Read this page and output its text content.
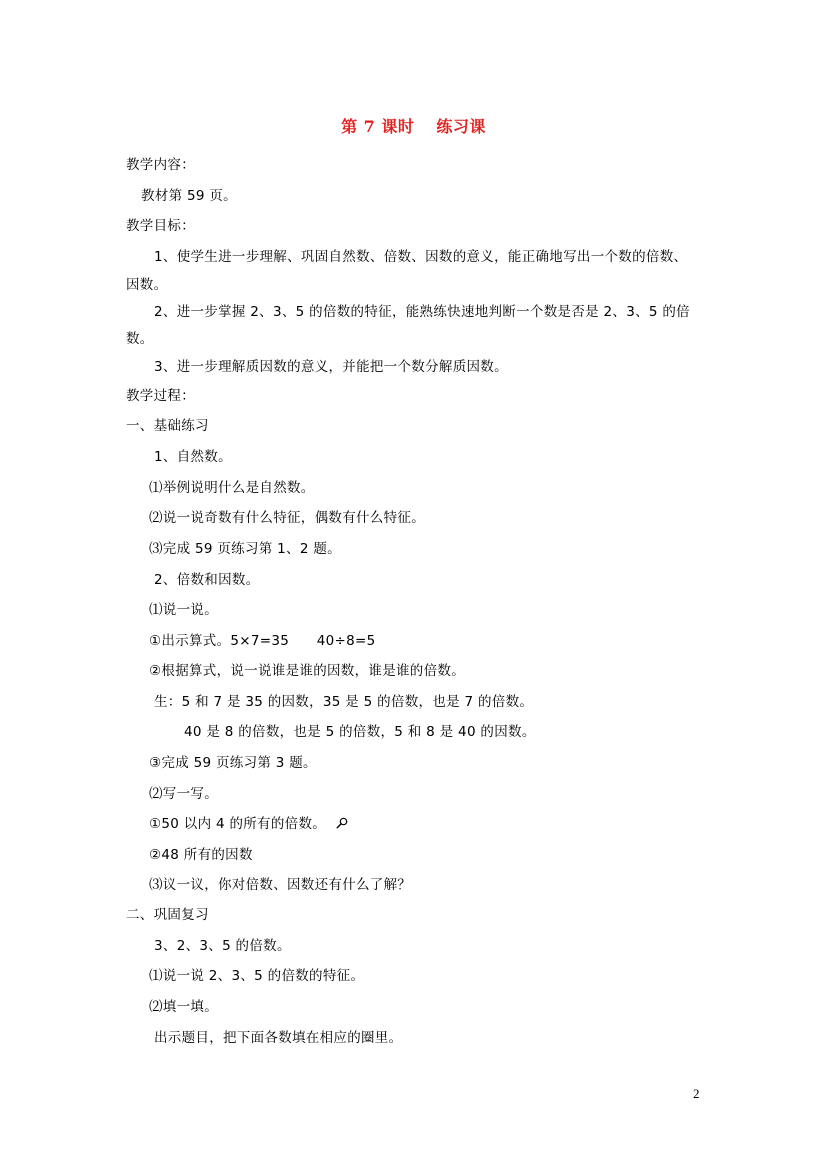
第 7 课时 练习课
教学内容：
教材第 59 页。
教学目标：
1、使学生进一步理解、巩固自然数、倍数、因数的意义，能正确地写出一个数的倍数、
因数。
2、进一步掌握 2、3、5 的倍数的特征，能熟练快速地判断一个数是否是 2、3、5 的倍
数。
3、进一步理解质因数的意义，并能把一个数分解质因数。
教学过程：
一、基础练习
1、自然数。
⑴举例说明什么是自然数。
⑵说一说奇数有什么特征，偶数有什么特征。
⑶完成 59 页练习第 1、2 题。
2、倍数和因数。
⑴说一说。
①出示算式。5×7=35　　40÷8=5
②根据算式，说一说谁是谁的因数，谁是谁的倍数。
生：5 和 7 是 35 的因数，35 是 5 的倍数，也是 7 的倍数。
40 是 8 的倍数，也是 5 的倍数，5 和 8 是 40 的因数。
③完成 59 页练习第 3 题。
⑵写一写。
①50 以内 4 的所有的倍数。
②48 所有的因数
⑶议一议，你对倍数、因数还有什么了解？
二、巩固复习
3、2、3、5 的倍数。
⑴说一说 2、3、5 的倍数的特征。
⑵填一填。
出示题目，把下面各数填在相应的圈里。
2
